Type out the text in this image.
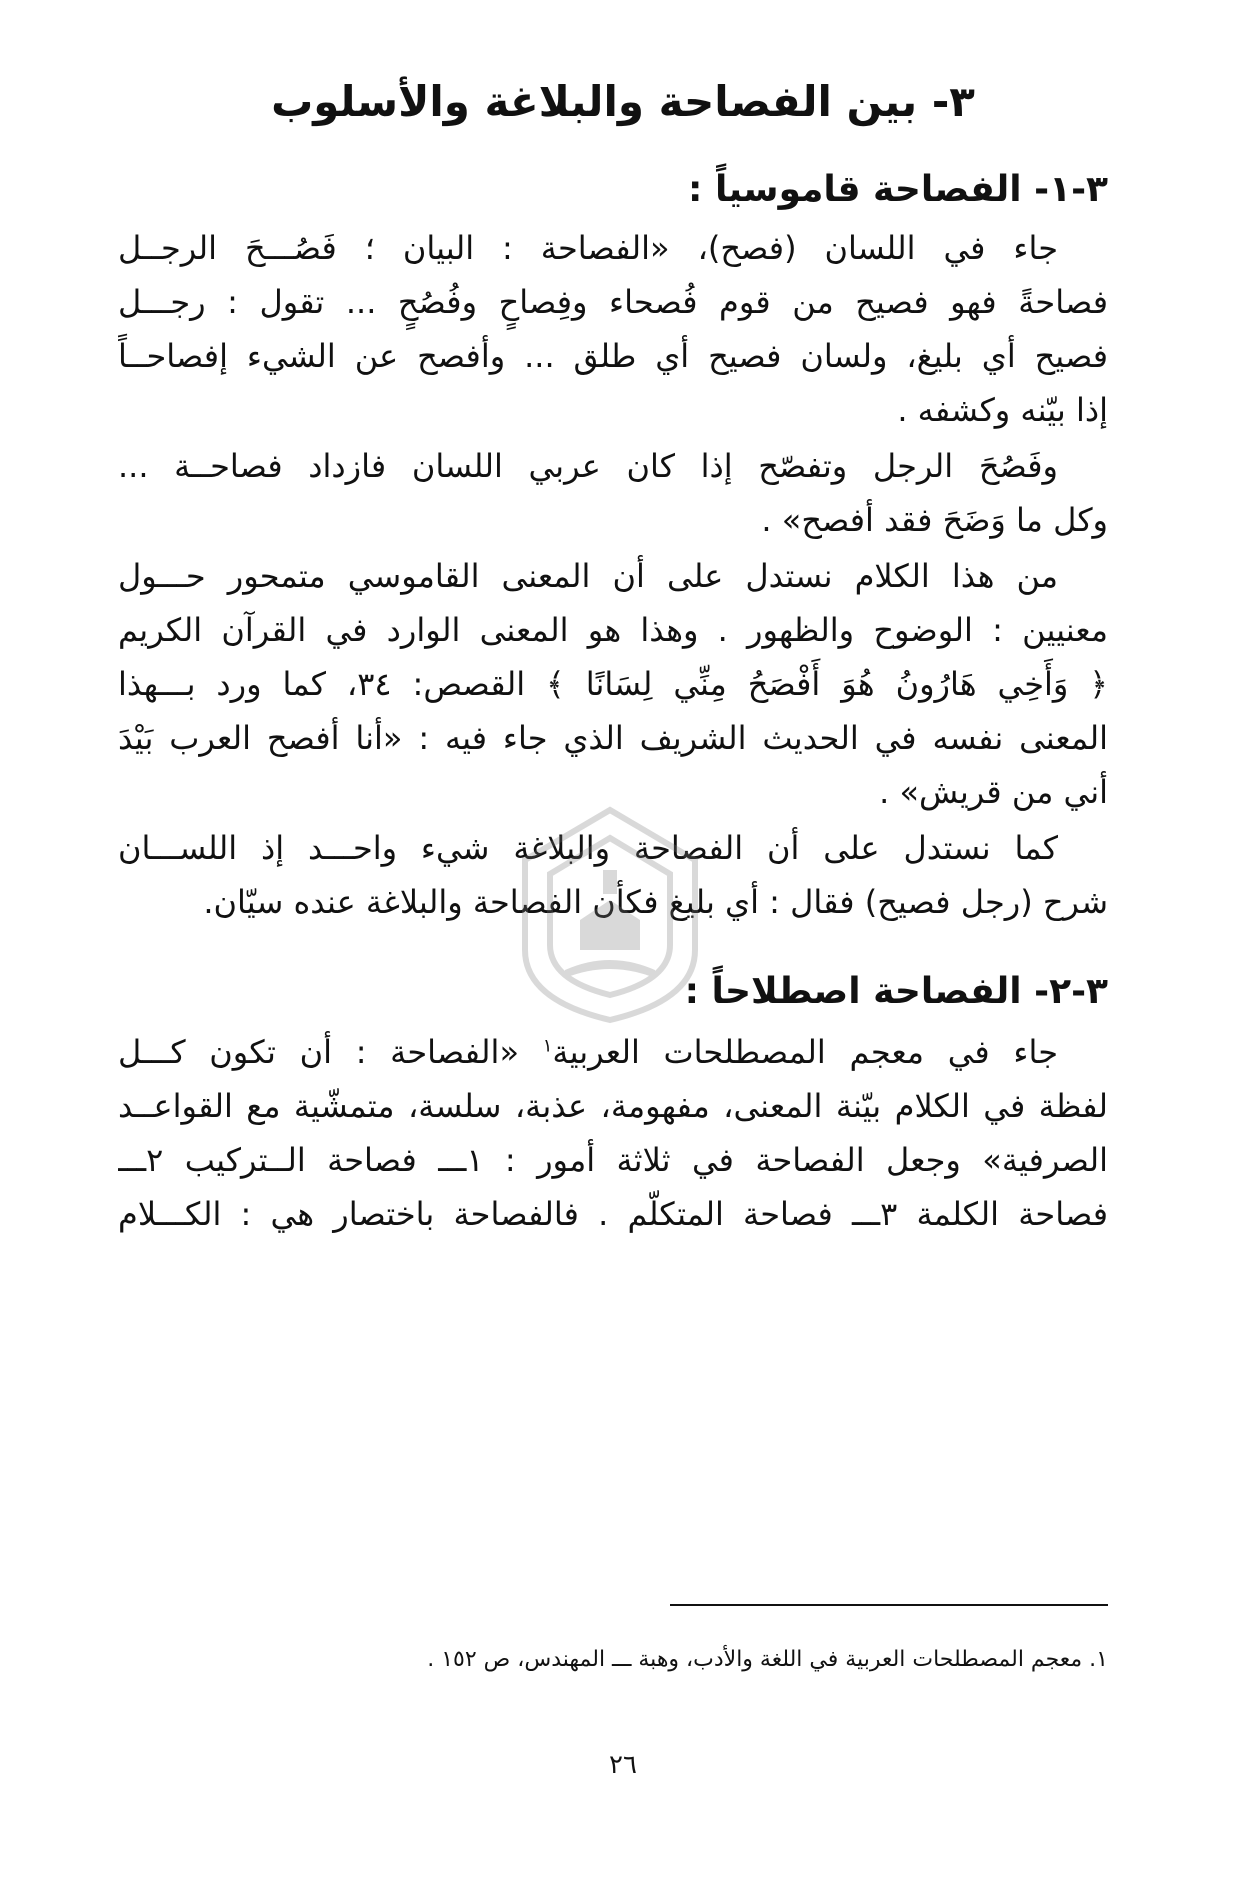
٣- بين الفصاحة والبلاغة والأسلوب
٣-١- الفصاحة قاموسياً :
جاء في اللسان (فصح)، «الفصاحة : البيان ؛ فَصُـــحَ الرجــل
فصاحةً فهو فصيح من قوم فُصحاء وفِصاحٍ وفُصُحٍ ... تقول : رجـــل
فصيح أي بليغ، ولسان فصيح أي طلق ... وأفصح عن الشيء إفصاحــاً
إذا بيّنه وكشفه .
وفَصُحَ الرجل وتفصّح إذا كان عربي اللسان فازداد فصاحــة ...
وكل ما وَضَحَ فقد أفصح» .
من هذا الكلام نستدل على أن المعنى القاموسي متمحور حـــول
معنيين : الوضوح والظهور . وهذا هو المعنى الوارد في القرآن الكريم
﴿ وَأَخِي هَارُونُ هُوَ أَفْصَحُ مِنِّي لِسَانًا ﴾ القصص: ٣٤، كما ورد بـــهذا
المعنى نفسه في الحديث الشريف الذي جاء فيه : «أنا أفصح العرب بَيْدَ
أني من قريش» .
كما نستدل على أن الفصاحة والبلاغة شيء واحـــد إذ اللســـان
شرح (رجل فصيح) فقال : أي بليغ فكأن الفصاحة والبلاغة عنده سيّان.
٣-٢- الفصاحة اصطلاحاً :
جاء في معجم المصطلحات العربية$^١$ «الفصاحة : أن تكون كـــل
لفظة في الكلام بيّنة المعنى، مفهومة، عذبة، سلسة، متمشّية مع القواعــد
الصرفية» وجعل الفصاحة في ثلاثة أمور : ١ـــ فصاحة الــتركيب ٢ـــ
فصاحة الكلمة ٣ـــ فصاحة المتكلّم . فالفصاحة باختصار هي : الكـــلام
١. معجم المصطلحات العربية في اللغة والأدب، وهبة ـــ المهندس، ص ١٥٢ .
٢٦
